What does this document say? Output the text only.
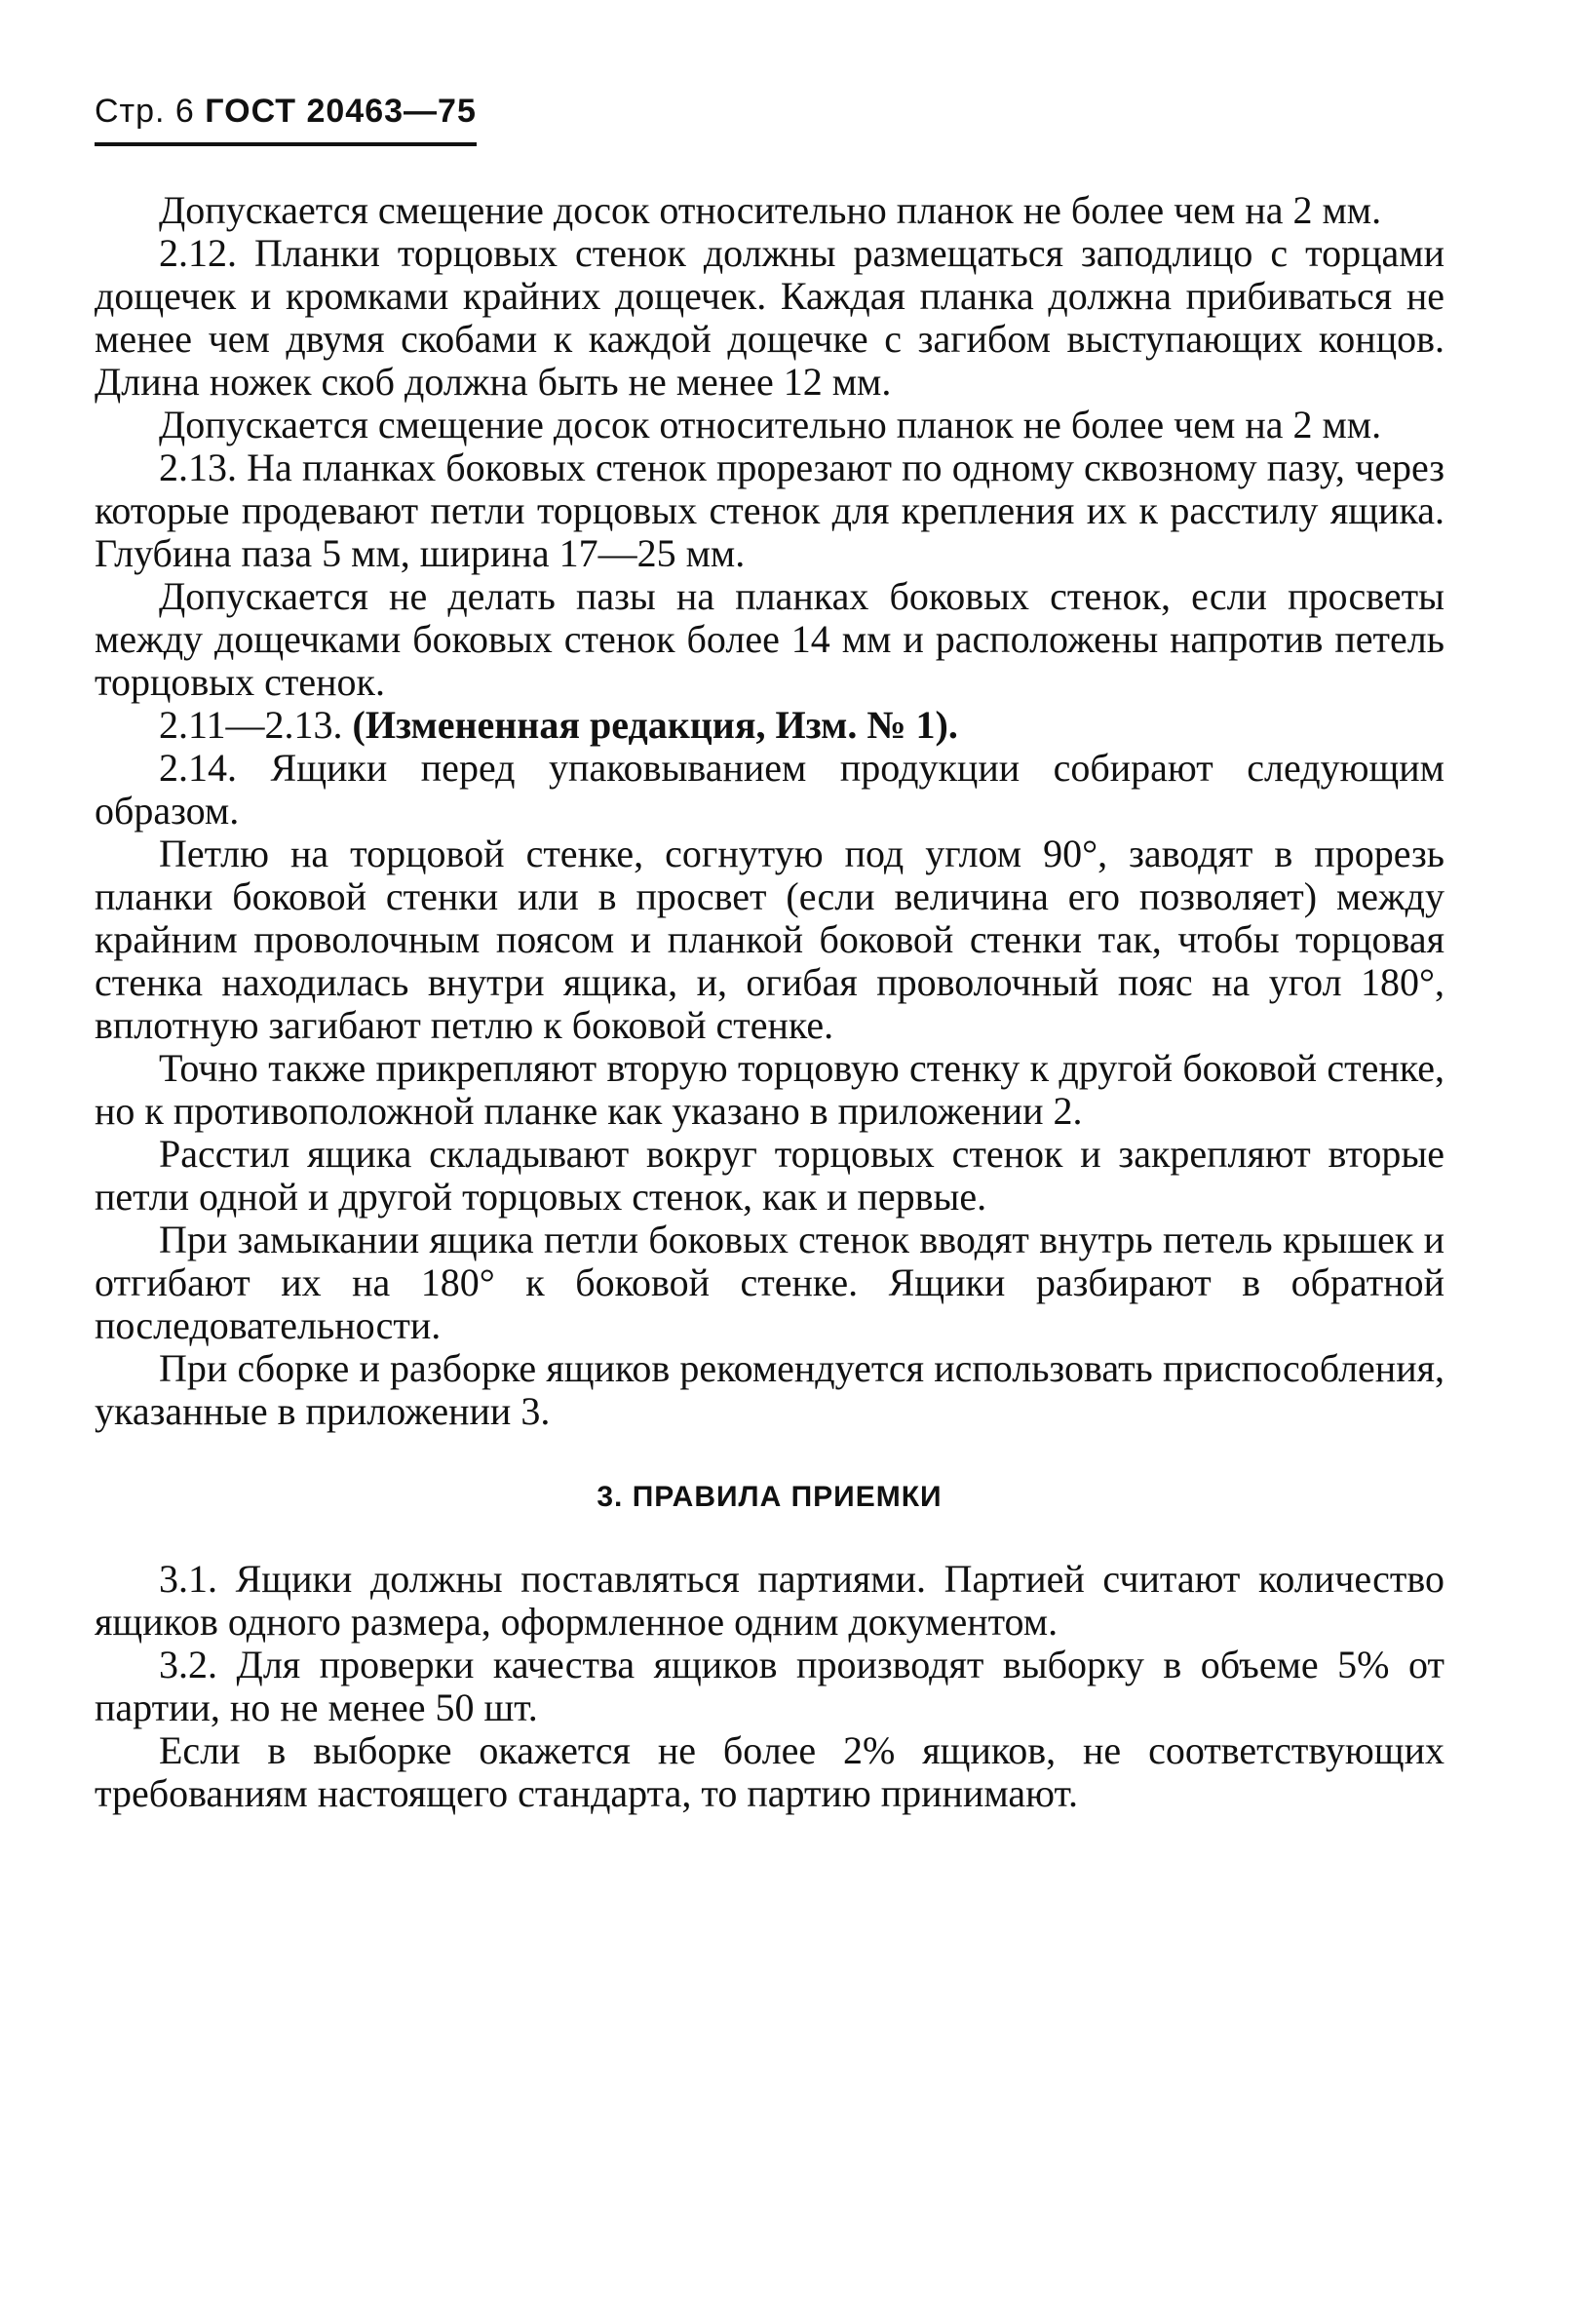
Стр. 6 ГОСТ 20463—75

Допускается смещение досок относительно планок не более чем на 2 мм.

2.12. Планки торцовых стенок должны размещаться заподлицо с торцами дощечек и кромками крайних дощечек. Каждая планка должна прибиваться не менее чем двумя скобами к каждой дощечке с загибом выступающих концов. Длина ножек скоб должна быть не менее 12 мм.

Допускается смещение досок относительно планок не более чем на 2 мм.

2.13. На планках боковых стенок прорезают по одному сквозному пазу, через которые продевают петли торцовых стенок для крепления их к расстилу ящика. Глубина паза 5 мм, ширина 17—25 мм.

Допускается не делать пазы на планках боковых стенок, если просветы между дощечками боковых стенок более 14 мм и расположены напротив петель торцовых стенок.

2.11—2.13. (Измененная редакция, Изм. № 1).

2.14. Ящики перед упаковыванием продукции собирают следующим образом.

Петлю на торцовой стенке, согнутую под углом 90°, заводят в прорезь планки боковой стенки или в просвет (если величина его позволяет) между крайним проволочным поясом и планкой боковой стенки так, чтобы торцовая стенка находилась внутри ящика, и, огибая проволочный пояс на угол 180°, вплотную загибают петлю к боковой стенке.

Точно также прикрепляют вторую торцовую стенку к другой боковой стенке, но к противоположной планке как указано в приложении 2.

Расстил ящика складывают вокруг торцовых стенок и закрепляют вторые петли одной и другой торцовых стенок, как и первые.

При замыкании ящика петли боковых стенок вводят внутрь петель крышек и отгибают их на 180° к боковой стенке. Ящики разбирают в обратной последовательности.

При сборке и разборке ящиков рекомендуется использовать приспособления, указанные в приложении 3.

3. ПРАВИЛА ПРИЕМКИ

3.1. Ящики должны поставляться партиями. Партией считают количество ящиков одного размера, оформленное одним документом.

3.2. Для проверки качества ящиков производят выборку в объеме 5% от партии, но не менее 50 шт.

Если в выборке окажется не более 2% ящиков, не соответствующих требованиям настоящего стандарта, то партию принимают.
